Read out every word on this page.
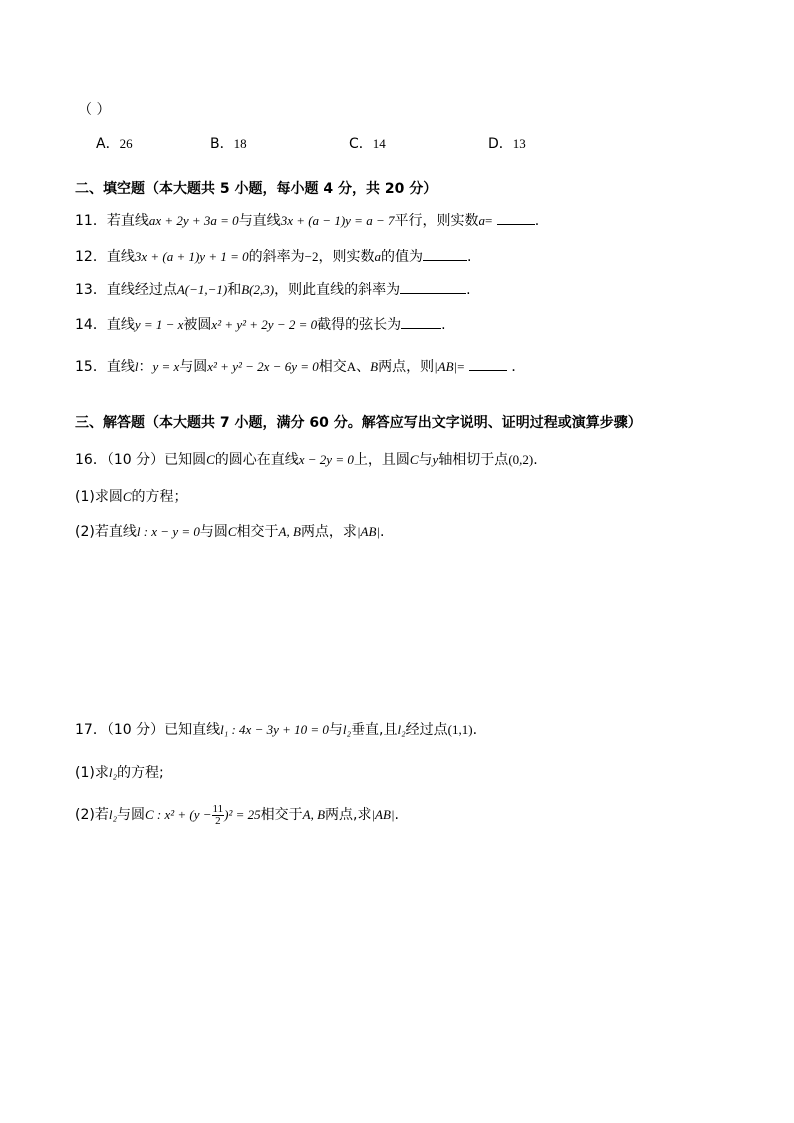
（ ）
A．26	B．18	C．14	D．13
二、填空题（本大题共 5 小题，每小题 4 分，共 20 分）
11．若直线ax + 2y + 3a = 0与直线3x + (a − 1)y = a − 7平行，则实数a=	.
12．直线3x + (a + 1)y + 1 = 0的斜率为−2，则实数a的值为	.
13．直线经过点A(−1,−1)和B(2,3)，则此直线的斜率为	.
14．直线y = 1 − x被圆x² + y² + 2y − 2 = 0截得的弦长为	.
15．直线l：y = x与圆x² + y² − 2x − 6y = 0相交A、B两点，则|AB|=	．
三、解答题（本大题共 7 小题，满分 60 分。解答应写出文字说明、证明过程或演算步骤）
16．（10 分）已知圆C的圆心在直线x − 2y = 0上，且圆C与y轴相切于点(0,2).
(1)求圆C的方程；
(2)若直线l : x − y = 0与圆C相交于A, B两点，求|AB|.
17．（10 分）已知直线l₁ : 4x − 3y + 10 = 0与l₂垂直,且l₂经过点(1,1).
(1)求l₂的方程;
(2)若l₂与圆C : $x^2 + (y - \frac{11}{2} )^2 = 25$相交于A, B两点,求|AB|.
